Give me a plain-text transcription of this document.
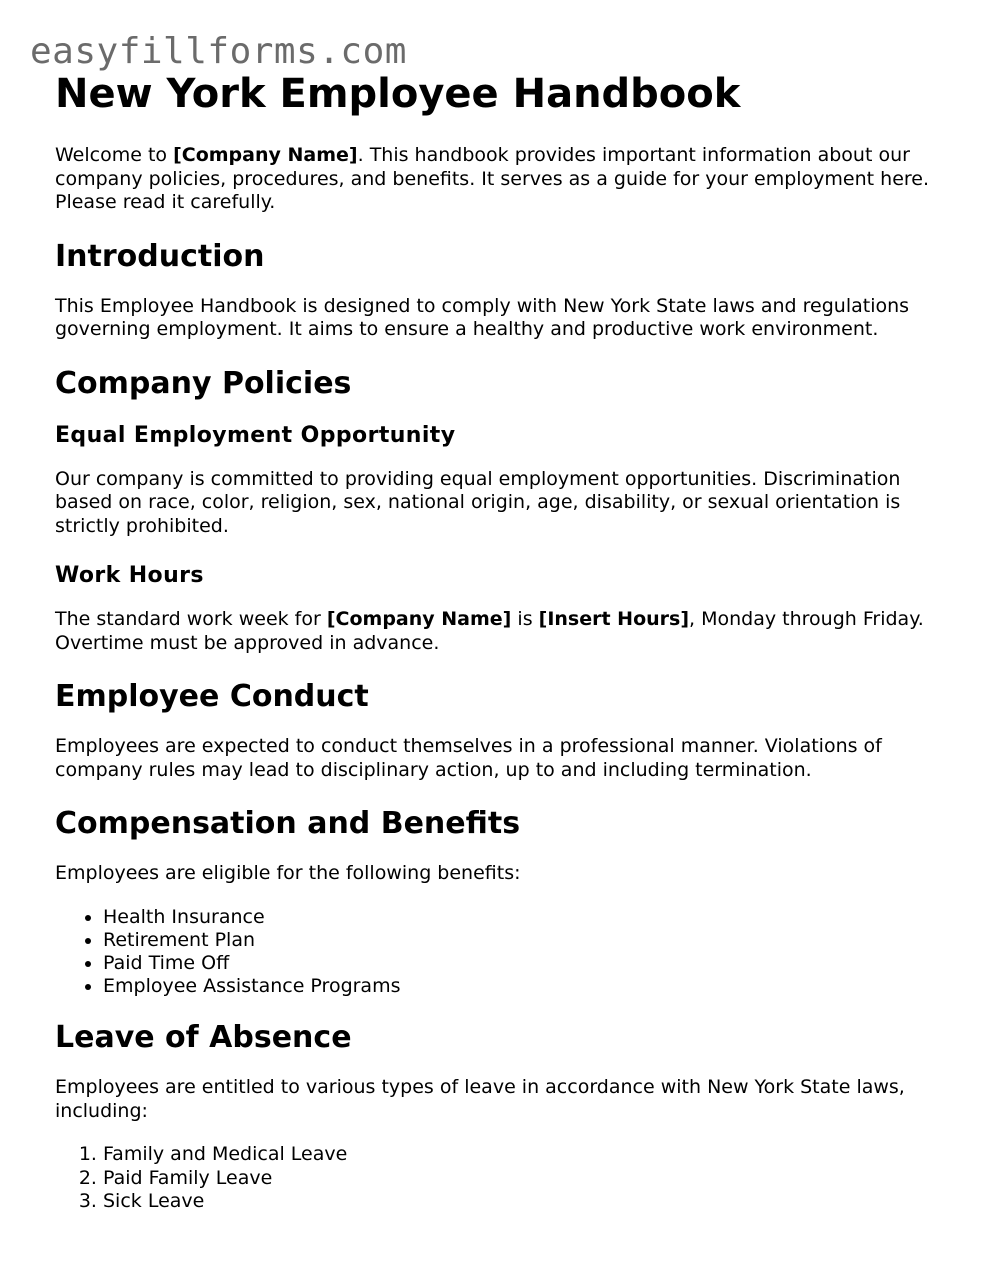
easyfillforms.com
New York Employee Handbook

Welcome to [Company Name]. This handbook provides important information about our company policies, procedures, and benefits. It serves as a guide for your employment here. Please read it carefully.

Introduction

This Employee Handbook is designed to comply with New York State laws and regulations governing employment. It aims to ensure a healthy and productive work environment.

Company Policies
Equal Employment Opportunity

Our company is committed to providing equal employment opportunities. Discrimination based on race, color, religion, sex, national origin, age, disability, or sexual orientation is strictly prohibited.

Work Hours

The standard work week for [Company Name] is [Insert Hours], Monday through Friday. Overtime must be approved in advance.

Employee Conduct

Employees are expected to conduct themselves in a professional manner. Violations of company rules may lead to disciplinary action, up to and including termination.

Compensation and Benefits

Employees are eligible for the following benefits:

• Health Insurance
• Retirement Plan
• Paid Time Off
• Employee Assistance Programs
Leave of Absence

Employees are entitled to various types of leave in accordance with New York State laws, including:

1. Family and Medical Leave
2. Paid Family Leave
3. Sick Leave
